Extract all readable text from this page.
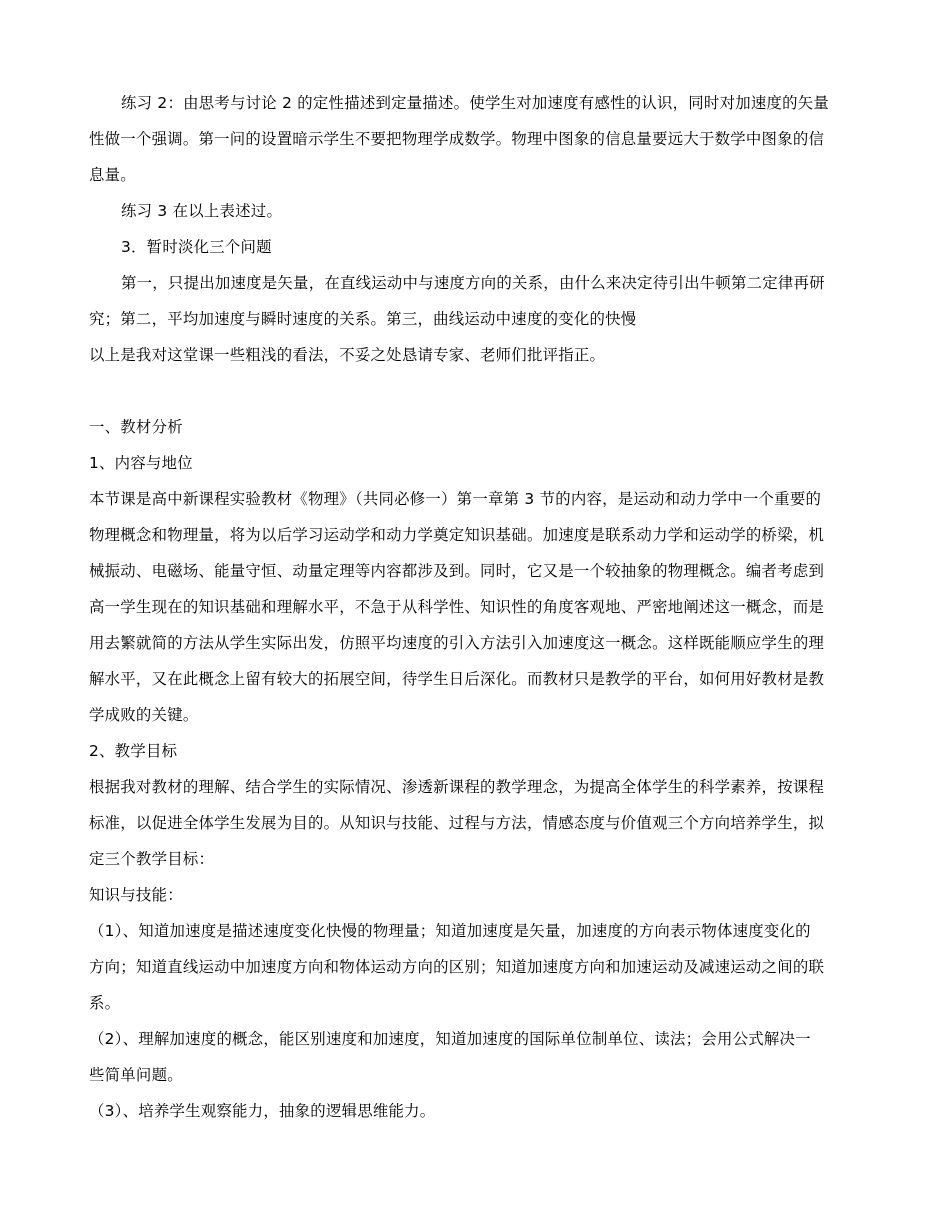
练习 2：由思考与讨论 2 的定性描述到定量描述。使学生对加速度有感性的认识，同时对加速度的矢量
性做一个强调。第一问的设置暗示学生不要把物理学成数学。物理中图象的信息量要远大于数学中图象的信
息量。
练习 3 在以上表述过。
3．暂时淡化三个问题
第一，只提出加速度是矢量，在直线运动中与速度方向的关系，由什么来决定待引出牛顿第二定律再研
究；第二，平均加速度与瞬时速度的关系。第三，曲线运动中速度的变化的快慢
以上是我对这堂课一些粗浅的看法，不妥之处恳请专家、老师们批评指正。
一、教材分析
1、内容与地位
本节课是高中新课程实验教材《物理》（共同必修一）第一章第 3 节的内容，是运动和动力学中一个重要的
物理概念和物理量，将为以后学习运动学和动力学奠定知识基础。加速度是联系动力学和运动学的桥梁，机
械振动、电磁场、能量守恒、动量定理等内容都涉及到。同时，它又是一个较抽象的物理概念。编者考虑到
高一学生现在的知识基础和理解水平，不急于从科学性、知识性的角度客观地、严密地阐述这一概念，而是
用去繁就简的方法从学生实际出发，仿照平均速度的引入方法引入加速度这一概念。这样既能顺应学生的理
解水平，又在此概念上留有较大的拓展空间，待学生日后深化。而教材只是教学的平台，如何用好教材是教
学成败的关键。
2、教学目标
根据我对教材的理解、结合学生的实际情况、渗透新课程的教学理念，为提高全体学生的科学素养，按课程
标准，以促进全体学生发展为目的。从知识与技能、过程与方法，情感态度与价值观三个方向培养学生，拟
定三个教学目标：
知识与技能：
（1）、知道加速度是描述速度变化快慢的物理量；知道加速度是矢量，加速度的方向表示物体速度变化的
方向；知道直线运动中加速度方向和物体运动方向的区别；知道加速度方向和加速运动及减速运动之间的联
系。
（2）、理解加速度的概念，能区别速度和加速度，知道加速度的国际单位制单位、读法；会用公式解决一
些简单问题。
（3）、培养学生观察能力，抽象的逻辑思维能力。
